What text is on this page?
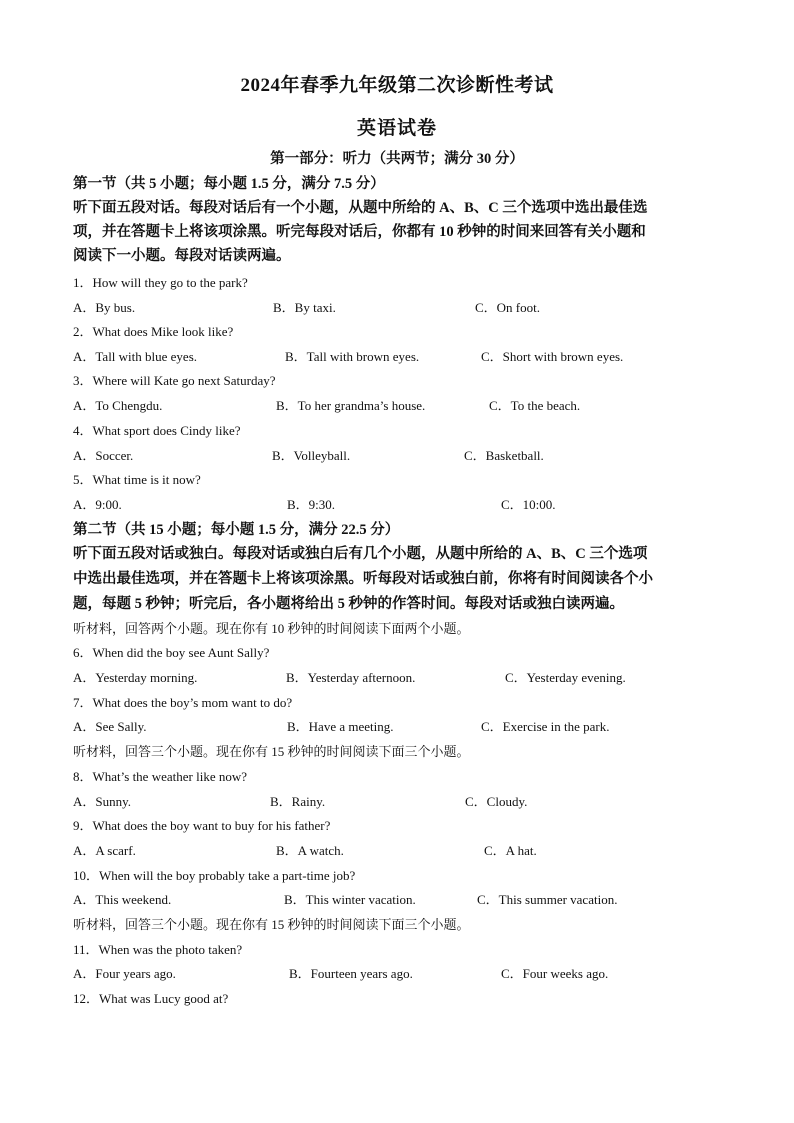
2024年春季九年级第二次诊断性考试
英语试卷
第一部分：听力（共两节；满分 30 分）
第一节（共 5 小题；每小题 1.5 分，满分 7.5 分）
听下面五段对话。每段对话后有一个小题，从题中所给的 A、B、C 三个选项中选出最佳选
项，并在答题卡上将该项涂黑。听完每段对话后，你都有 10 秒钟的时间来回答有关小题和
阅读下一小题。每段对话读两遍。
1．How will they go to the park?
A．By bus.	B．By taxi.	C．On foot.
2．What does Mike look like?
A．Tall with blue eyes.	B．Tall with brown eyes.	C．Short with brown eyes.
3．Where will Kate go next Saturday?
A．To Chengdu.	B．To her grandma’s house.	C．To the beach.
4．What sport does Cindy like?
A．Soccer.	B．Volleyball.	C．Basketball.
5．What time is it now?
A．9:00.	B．9:30.	C．10:00.
第二节（共 15 小题；每小题 1.5 分，满分 22.5 分）
听下面五段对话或独白。每段对话或独白后有几个小题，从题中所给的 A、B、C 三个选项
中选出最佳选项，并在答题卡上将该项涂黑。听每段对话或独白前，你将有时间阅读各个小
题，每题 5 秒钟；听完后，各小题将给出 5 秒钟的作答时间。每段对话或独白读两遍。
听材料，回答两个小题。现在你有 10 秒钟的时间阅读下面两个小题。
6．When did the boy see Aunt Sally?
A．Yesterday morning.	B．Yesterday afternoon.	C．Yesterday evening.
7．What does the boy’s mom want to do?
A．See Sally.	B．Have a meeting.	C．Exercise in the park.
听材料，回答三个小题。现在你有 15 秒钟的时间阅读下面三个小题。
8．What’s the weather like now?
A．Sunny.	B．Rainy.	C．Cloudy.
9．What does the boy want to buy for his father?
A．A scarf.	B．A watch.	C．A hat.
10．When will the boy probably take a part-time job?
A．This weekend.	B．This winter vacation.	C．This summer vacation.
听材料，回答三个小题。现在你有 15 秒钟的时间阅读下面三个小题。
11．When was the photo taken?
A．Four years ago.	B．Fourteen years ago.	C．Four weeks ago.
12．What was Lucy good at?
